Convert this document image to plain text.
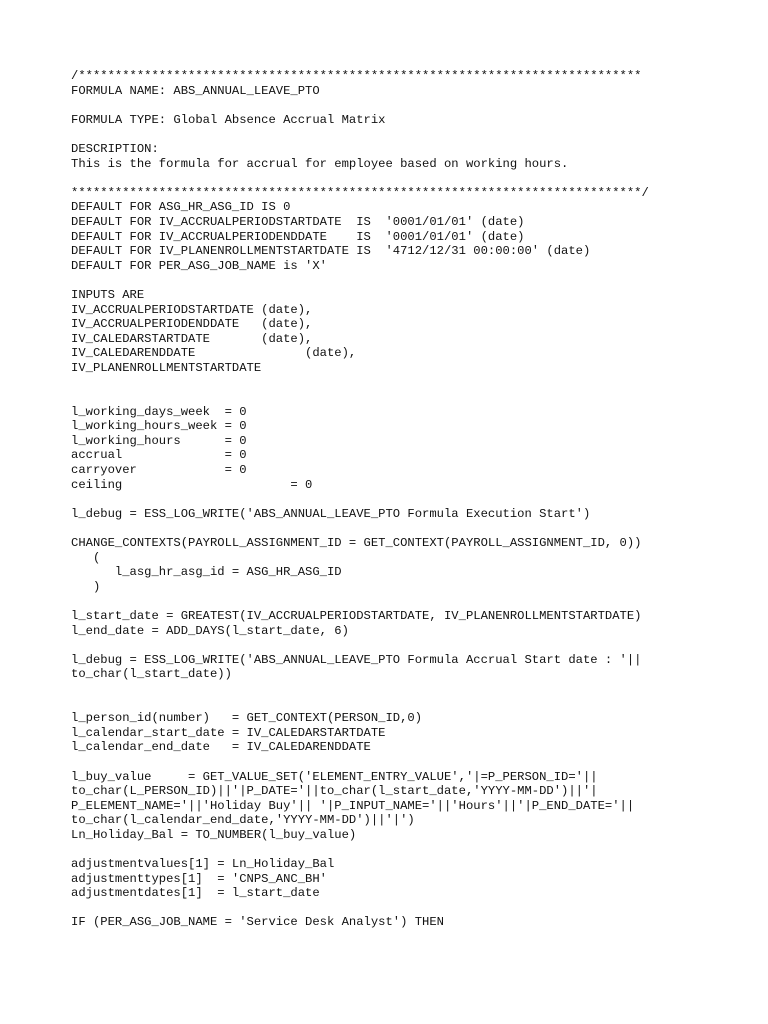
/*****************************************************************************
FORMULA NAME: ABS_ANNUAL_LEAVE_PTO

FORMULA TYPE: Global Absence Accrual Matrix

DESCRIPTION:
This is the formula for accrual for employee based on working hours.

******************************************************************************/
DEFAULT FOR ASG_HR_ASG_ID IS 0
DEFAULT FOR IV_ACCRUALPERIODSTARTDATE  IS  '0001/01/01' (date)
DEFAULT FOR IV_ACCRUALPERIODENDDATE    IS  '0001/01/01' (date)
DEFAULT FOR IV_PLANENROLLMENTSTARTDATE IS  '4712/12/31 00:00:00' (date)
DEFAULT FOR PER_ASG_JOB_NAME is 'X'

INPUTS ARE
IV_ACCRUALPERIODSTARTDATE (date),
IV_ACCRUALPERIODENDDATE   (date),
IV_CALEDARSTARTDATE       (date),
IV_CALEDARENDDATE               (date),
IV_PLANENROLLMENTSTARTDATE

l_working_days_week  = 0
l_working_hours_week = 0
l_working_hours      = 0
accrual              = 0
carryover            = 0
ceiling                       = 0

l_debug = ESS_LOG_WRITE('ABS_ANNUAL_LEAVE_PTO Formula Execution Start')

CHANGE_CONTEXTS(PAYROLL_ASSIGNMENT_ID = GET_CONTEXT(PAYROLL_ASSIGNMENT_ID, 0))
(
l_asg_hr_asg_id = ASG_HR_ASG_ID
)

l_start_date = GREATEST(IV_ACCRUALPERIODSTARTDATE, IV_PLANENROLLMENTSTARTDATE)
l_end_date = ADD_DAYS(l_start_date, 6)

l_debug = ESS_LOG_WRITE('ABS_ANNUAL_LEAVE_PTO Formula Accrual Start date : '||
to_char(l_start_date))

l_person_id(number)   = GET_CONTEXT(PERSON_ID,0)
l_calendar_start_date = IV_CALEDARSTARTDATE
l_calendar_end_date   = IV_CALEDARENDDATE

l_buy_value     = GET_VALUE_SET('ELEMENT_ENTRY_VALUE','|=P_PERSON_ID='||
to_char(L_PERSON_ID)||'|P_DATE='||to_char(l_start_date,'YYYY-MM-DD')||'|
P_ELEMENT_NAME='||'Holiday Buy'|| '|P_INPUT_NAME='||'Hours'||'|P_END_DATE='||
to_char(l_calendar_end_date,'YYYY-MM-DD')||'|')
Ln_Holiday_Bal = TO_NUMBER(l_buy_value)

adjustmentvalues[1] = Ln_Holiday_Bal
adjustmenttypes[1]  = 'CNPS_ANC_BH'
adjustmentdates[1]  = l_start_date

IF (PER_ASG_JOB_NAME = 'Service Desk Analyst') THEN
